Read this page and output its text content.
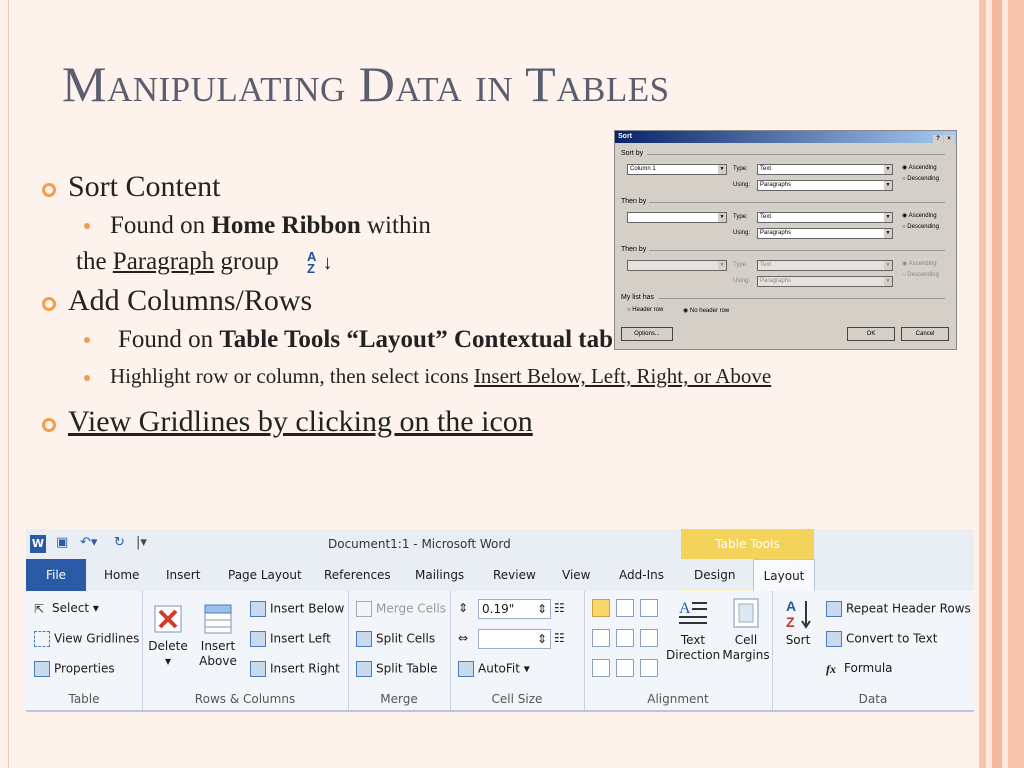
Manipulating Data in Tables
Sort Content
Found on Home Ribbon within
the Paragraph group A
Z ↓
Add Columns/Rows
Found on Table Tools “Layout” Contextual tab
Highlight row or column, then select icons Insert Below, Left, Right, or Above
View Gridlines by clicking on the icon
Sort	? ×
Sort by
Column 1	▼ Type:	Text	▼
Using:	Paragraphs	▼
◉ Ascending
○ Descending
Then by
▼ Type:	Text	▼
Using:	Paragraphs	▼
◉ Ascending
○ Descending
Then by
▼ Type:	Text	▼
Using:	Paragraphs	▼
◉ Ascending
○ Descending
My list has
○ Header row	◉ No header row
Options...	OK	Cancel
W ▣ ↶▾ ↻ |▾	Document1:1 - Microsoft Word	Table Tools
File	Home Insert Page Layout References Mailings Review View Add-Ins	Design	Layout
⇱ Select ▾
View Gridlines
Properties
Table
Delete
▾
Insert
Above
Insert Below
Insert Left
Insert Right
Rows & Columns
Merge Cells
Split Cells
Split Table
Merge
⇕	0.19" ⇕ ☷
⇔	⇕ ☷
AutoFit ▾
Cell Size
A
Text
Direction
Cell
Margins
Alignment
A
Z
Sort
Repeat Header Rows
Convert to Text
fx Formula
Data
